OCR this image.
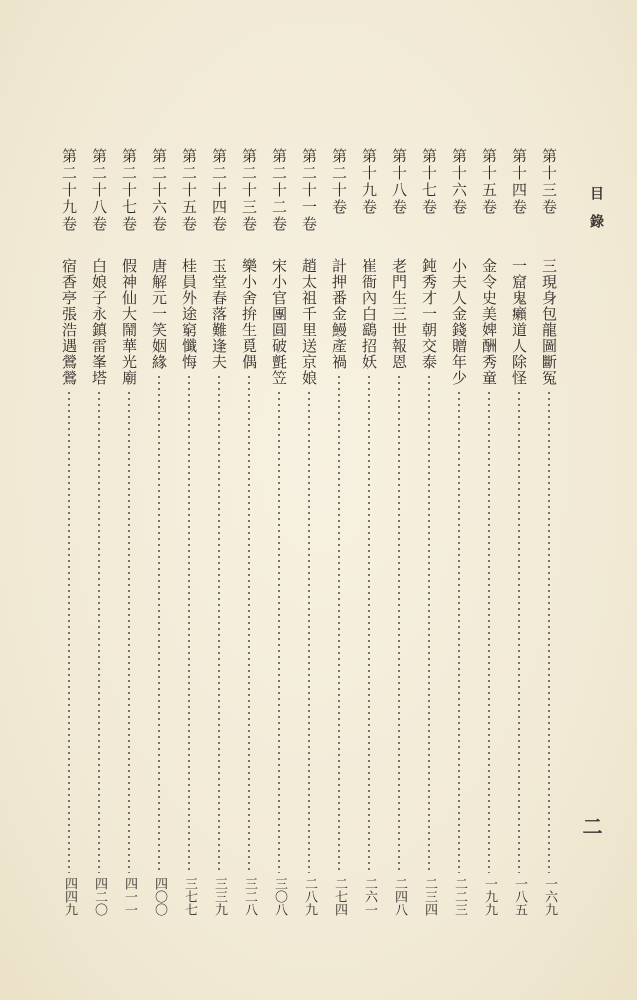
目錄
二
第十三卷
三現身包龍圖斷冤
一六九
第十四卷
一窟鬼癩道人除怪
一八五
第十五卷
金令史美婢酬秀童
一九九
第十六卷
小夫人金錢贈年少
二二三
第十七卷
鈍秀才一朝交泰
二三四
第十八卷
老門生三世報恩
二四八
第十九卷
崔衙內白鷂招妖
二六一
第二十卷
計押番金鰻產禍
二七四
第二十一卷
趙太祖千里送京娘
二八九
第二十二卷
宋小官團圓破氈笠
三〇八
第二十三卷
樂小舍拚生覓偶
三二八
第二十四卷
玉堂春落難逢夫
三三九
第二十五卷
桂員外途窮懺悔
三七七
第二十六卷
唐解元一笑姻緣
四〇〇
第二十七卷
假神仙大鬧華光廟
四一一
第二十八卷
白娘子永鎮雷峯塔
四二〇
第二十九卷
宿香亭張浩遇鶯鶯
四四九
